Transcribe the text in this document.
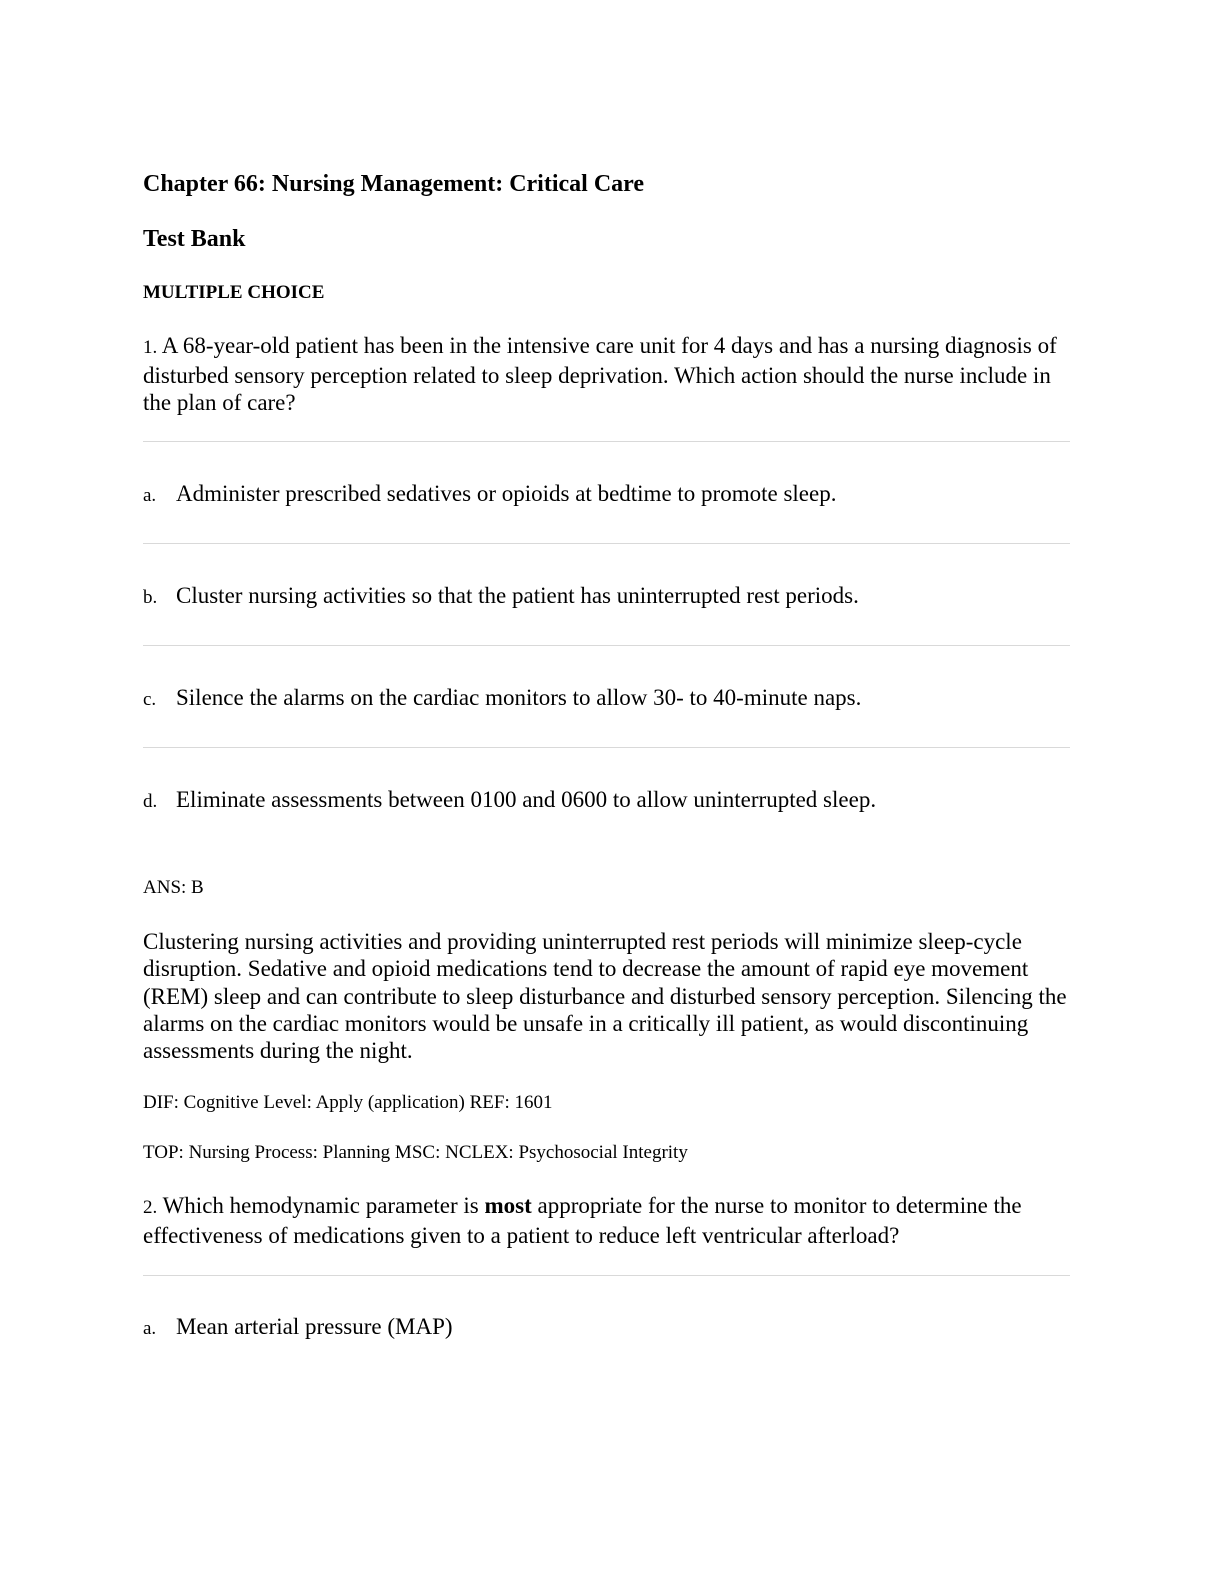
Chapter 66: Nursing Management: Critical Care
Test Bank
MULTIPLE CHOICE
1. A 68-year-old patient has been in the intensive care unit for 4 days and has a nursing diagnosis of disturbed sensory perception related to sleep deprivation. Which action should the nurse include in the plan of care?
a. Administer prescribed sedatives or opioids at bedtime to promote sleep.
b. Cluster nursing activities so that the patient has uninterrupted rest periods.
c. Silence the alarms on the cardiac monitors to allow 30- to 40-minute naps.
d. Eliminate assessments between 0100 and 0600 to allow uninterrupted sleep.
ANS: B
Clustering nursing activities and providing uninterrupted rest periods will minimize sleep-cycle disruption. Sedative and opioid medications tend to decrease the amount of rapid eye movement (REM) sleep and can contribute to sleep disturbance and disturbed sensory perception. Silencing the alarms on the cardiac monitors would be unsafe in a critically ill patient, as would discontinuing assessments during the night.
DIF: Cognitive Level: Apply (application) REF: 1601
TOP: Nursing Process: Planning MSC: NCLEX: Psychosocial Integrity
2. Which hemodynamic parameter is most appropriate for the nurse to monitor to determine the effectiveness of medications given to a patient to reduce left ventricular afterload?
a. Mean arterial pressure (MAP)
